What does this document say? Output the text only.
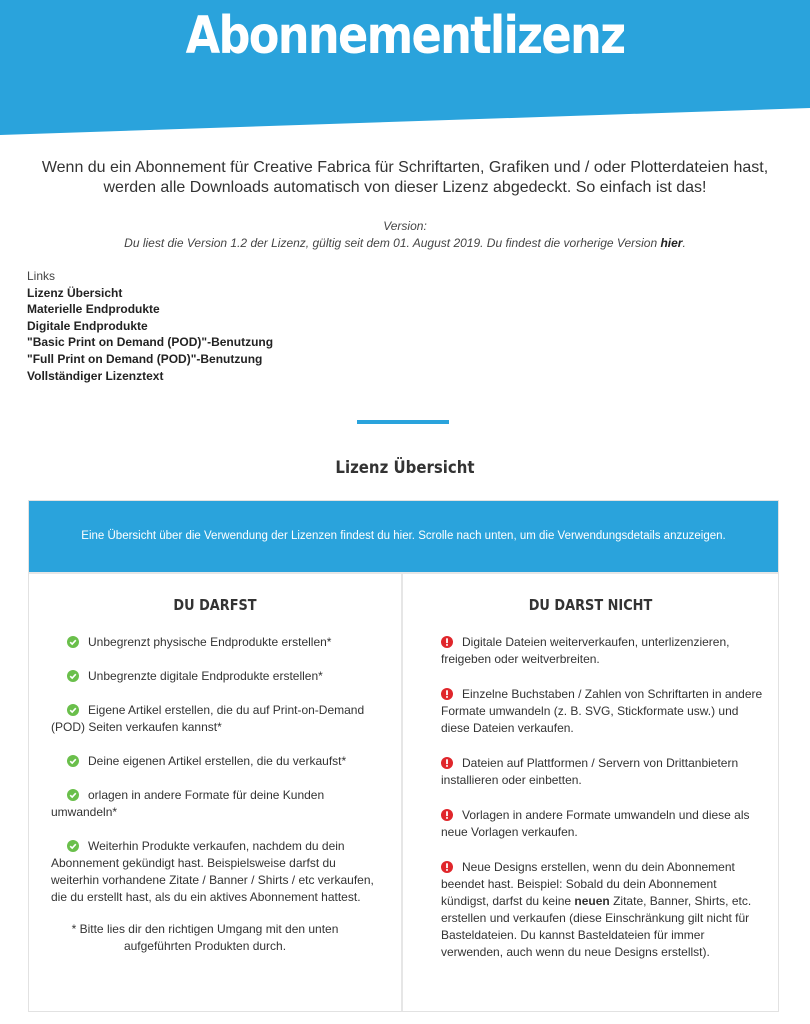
Abonnementlizenz

Wenn du ein Abonnement für Creative Fabrica für Schriftarten, Grafiken und / oder Plotterdateien hast, werden alle Downloads automatisch von dieser Lizenz abgedeckt. So einfach ist das!

Version:
Du liest die Version 1.2 der Lizenz, gültig seit dem 01. August 2019. Du findest die vorherige Version hier.
Links
Lizenz Übersicht
Materielle Endprodukte
Digitale Endprodukte
"Basic Print on Demand (POD)"-Benutzung
"Full Print on Demand (POD)"-Benutzung
Vollständiger Lizenztext
Lizenz Übersicht
Eine Übersicht über die Verwendung der Lizenzen findest du hier. Scrolle nach unten, um die Verwendungsdetails anzuzeigen.
DU DARFST
Unbegrenzt physische Endprodukte erstellen*
Unbegrenzte digitale Endprodukte erstellen*
Eigene Artikel erstellen, die du auf Print-on-Demand (POD) Seiten verkaufen kannst*
Deine eigenen Artikel erstellen, die du verkaufst*
orlagen in andere Formate für deine Kunden umwandeln*
Weiterhin Produkte verkaufen, nachdem du dein Abonnement gekündigt hast. Beispielsweise darfst du weiterhin vorhandene Zitate / Banner / Shirts / etc verkaufen, die du erstellt hast, als du ein aktives Abonnement hattest.
* Bitte lies dir den richtigen Umgang mit den unten aufgeführten Produkten durch.
DU DARST NICHT
Digitale Dateien weiterverkaufen, unterlizenzieren, freigeben oder weitverbreiten.
Einzelne Buchstaben / Zahlen von Schriftarten in andere Formate umwandeln (z. B. SVG, Stickformate usw.) und diese Dateien verkaufen.
Dateien auf Plattformen / Servern von Drittanbietern installieren oder einbetten.
Vorlagen in andere Formate umwandeln und diese als neue Vorlagen verkaufen.
Neue Designs erstellen, wenn du dein Abonnement beendet hast. Beispiel: Sobald du dein Abonnement kündigst, darfst du keine neuen Zitate, Banner, Shirts, etc. erstellen und verkaufen (diese Einschränkung gilt nicht für Basteldateien. Du kannst Basteldateien für immer verwenden, auch wenn du neue Designs erstellst).
